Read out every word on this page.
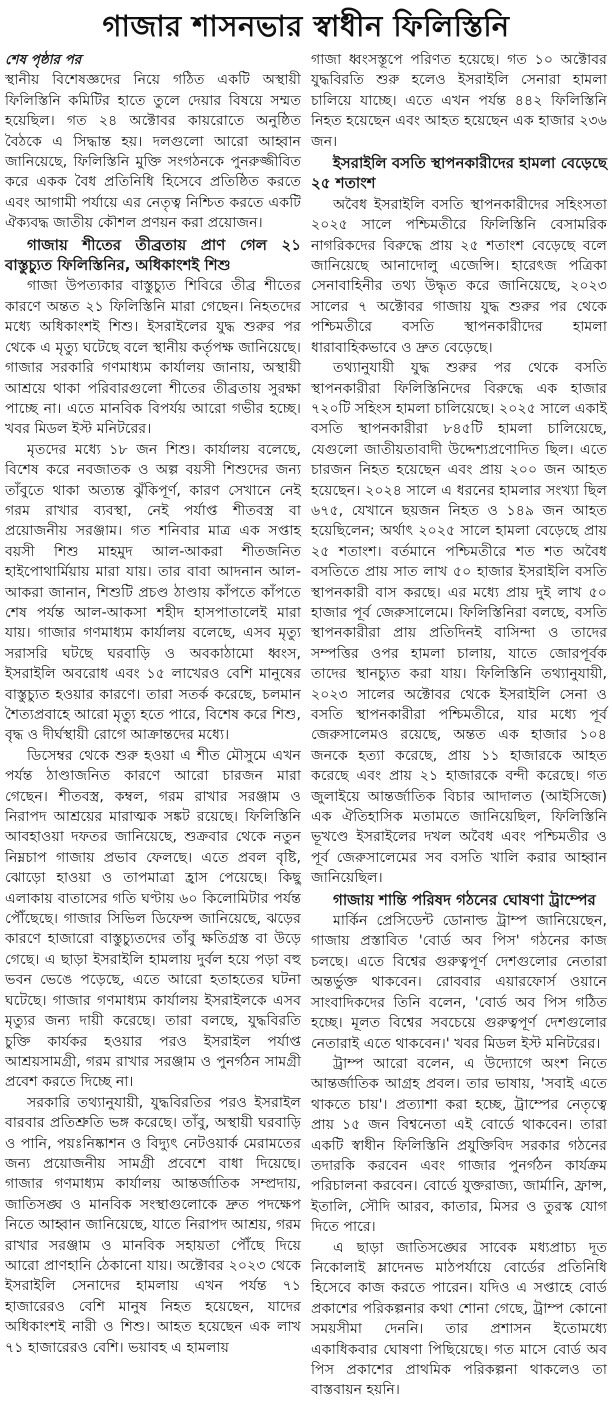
গাজার শাসনভার স্বাধীন ফিলিস্তিনি
শেষ পৃষ্ঠার পর

স্থানীয় বিশেষজ্ঞদের নিয়ে গঠিত একটি অস্থায়ী ফিলিস্তিনি কমিটির হাতে তুলে দেয়ার বিষয়ে সম্মত হয়েছিল। গত ২৪ অক্টোবর কায়রোতে অনুষ্ঠিত বৈঠকে এ সিদ্ধান্ত হয়। দলগুলো আরো আহ্বান জানিয়েছে, ফিলিস্তিনি মুক্তি সংগঠনকে পুনরুজ্জীবিত করে একক বৈধ প্রতিনিধি হিসেবে প্রতিষ্ঠিত করতে এবং আগামী পর্যায়ে এর নেতৃত্ব নিশ্চিত করতে একটি ঐক্যবদ্ধ জাতীয় কৌশল প্রণয়ন করা প্রয়োজন।

গাজায় শীতের তীব্রতায় প্রাণ গেল ২১ বাস্তুচ্যুত ফিলিস্তিনির, অধিকাংশই শিশু

গাজা উপত্যকার বাস্তুচ্যুত শিবিরে তীব্র শীতের কারণে অন্তত ২১ ফিলিস্তিনি মারা গেছেন। নিহতদের মধ্যে অধিকাংশই শিশু। ইসরাইলের যুদ্ধ শুরুর পর থেকে এ মৃত্যু ঘটেছে বলে স্থানীয় কর্তৃপক্ষ জানিয়েছে। গাজার সরকারি গণমাধ্যম কার্যালয় জানায়, অস্থায়ী আশ্রয়ে থাকা পরিবারগুলো শীতের তীব্রতায় সুরক্ষা পাচ্ছে না। এতে মানবিক বিপর্যয় আরো গভীর হচ্ছে। খবর মিডল ইস্ট মনিটরের।

মৃতদের মধ্যে ১৮ জন শিশু। কার্যালয় বলেছে, বিশেষ করে নবজাতক ও অল্প বয়সী শিশুদের জন্য তাঁবুতে থাকা অত্যন্ত ঝুঁকিপূর্ণ, কারণ সেখানে নেই গরম রাখার ব্যবস্থা, নেই পর্যাপ্ত শীতবস্ত্র বা প্রয়োজনীয় সরঞ্জাম। গত শনিবার মাত্র এক সপ্তাহ বয়সী শিশু মাহমুদ আল-আকরা শীতজনিত হাইপোথার্মিয়ায় মারা যায়। তার বাবা আদনান আল-আকরা জানান, শিশুটি প্রচণ্ড ঠাণ্ডায় কাঁপতে কাঁপতে শেষ পর্যন্ত আল-আকসা শহীদ হাসপাতালেই মারা যায়। গাজার গণমাধ্যম কার্যালয় বলেছে, এসব মৃত্যু সরাসরি ঘটছে ঘরবাড়ি ও অবকাঠামো ধ্বংস, ইসরাইলি অবরোধ এবং ১৫ লাখেরও বেশি মানুষের বাস্তুচ্যুত হওয়ার কারণে। তারা সতর্ক করেছে, চলমান শৈত্যপ্রবাহে আরো মৃত্যু হতে পারে, বিশেষ করে শিশু, বৃদ্ধ ও দীর্ঘস্থায়ী রোগে আক্রান্তদের মধ্যে।

ডিসেম্বর থেকে শুরু হওয়া এ শীত মৌসুমে এখন পর্যন্ত ঠাণ্ডাজনিত কারণে আরো চারজন মারা গেছেন। শীতবস্ত্র, কম্বল, গরম রাখার সরঞ্জাম ও নিরাপদ আশ্রয়ের মারাত্মক সঙ্কট রয়েছে। ফিলিস্তিনি আবহাওয়া দফতর জানিয়েছে, শুক্রবার থেকে নতুন নিম্নচাপ গাজায় প্রভাব ফেলছে। এতে প্রবল বৃষ্টি, ঝোড়ো হাওয়া ও তাপমাত্রা হ্রাস পেয়েছে। কিছু এলাকায় বাতাসের গতি ঘণ্টায় ৬০ কিলোমিটার পর্যন্ত পৌঁছেছে। গাজার সিভিল ডিফেন্স জানিয়েছে, ঝড়ের কারণে হাজারো বাস্তুচ্যুতদের তাঁবু ক্ষতিগ্রস্ত বা উড়ে গেছে। এ ছাড়া ইসরাইলি হামলায় দুর্বল হয়ে পড়া বহু ভবন ভেঙে পড়েছে, এতে আরো হতাহতের ঘটনা ঘটেছে। গাজার গণমাধ্যম কার্যালয় ইসরাইলকে এসব মৃত্যুর জন্য দায়ী করেছে। তারা বলছে, যুদ্ধবিরতি চুক্তি কার্যকর হওয়ার পরও ইসরাইল পর্যাপ্ত আশ্রয়সামগ্রী, গরম রাখার সরঞ্জাম ও পুনর্গঠন সামগ্রী প্রবেশ করতে দিচ্ছে না।

সরকারি তথ্যানুযায়ী, যুদ্ধবিরতির পরও ইসরাইল বারবার প্রতিশ্রুতি ভঙ্গ করেছে। তাঁবু, অস্থায়ী ঘরবাড়ি ও পানি, পয়ঃনিষ্কাশন ও বিদ্যুৎ নেটওয়ার্ক মেরামতের জন্য প্রয়োজনীয় সামগ্রী প্রবেশে বাধা দিয়েছে। গাজার গণমাধ্যম কার্যালয় আন্তর্জাতিক সম্প্রদায়, জাতিসঙ্ঘ ও মানবিক সংস্থাগুলোকে দ্রুত পদক্ষেপ নিতে আহ্বান জানিয়েছে, যাতে নিরাপদ আশ্রয়, গরম রাখার সরঞ্জাম ও মানবিক সহায়তা পৌঁছে দিয়ে আরো প্রাণহানি ঠেকানো যায়। অক্টোবর ২০২৩ থেকে ইসরাইলি সেনাদের হামলায় এখন পর্যন্ত ৭১ হাজারেরও বেশি মানুষ নিহত হয়েছেন, যাদের অধিকাংশই নারী ও শিশু। আহত হয়েছেন এক লাখ ৭১ হাজারেরও বেশি। ভয়াবহ এ হামলায়

গাজা ধ্বংসস্তূপে পরিণত হয়েছে। গত ১০ অক্টোবর যুদ্ধবিরতি শুরু হলেও ইসরাইলি সেনারা হামলা চালিয়ে যাচ্ছে। এতে এখন পর্যন্ত ৪৪২ ফিলিস্তিনি নিহত হয়েছেন এবং আহত হয়েছেন এক হাজার ২৩৬ জন।

ইসরাইলি বসতি স্থাপনকারীদের হামলা বেড়েছে ২৫ শতাংশ

অবৈধ ইসরাইলি বসতি স্থাপনকারীদের সহিংসতা ২০২৫ সালে পশ্চিমতীরে ফিলিস্তিনি বেসামরিক নাগরিকদের বিরুদ্ধে প্রায় ২৫ শতাংশ বেড়েছে বলে জানিয়েছে আনাদোলু এজেন্সি। হারেৎজ পত্রিকা সেনাবাহিনীর তথ্য উদ্ধৃত করে জানিয়েছে, ২০২৩ সালের ৭ অক্টোবর গাজায় যুদ্ধ শুরুর পর থেকে পশ্চিমতীরে বসতি স্থাপনকারীদের হামলা ধারাবাহিকভাবে ও দ্রুত বেড়েছে।

তথ্যানুযায়ী যুদ্ধ শুরুর পর থেকে বসতি স্থাপনকারীরা ফিলিস্তিনিদের বিরুদ্ধে এক হাজার ৭২০টি সহিংস হামলা চালিয়েছে। ২০২৫ সালে একাই বসতি স্থাপনকারীরা ৮৪৫টি হামলা চালিয়েছে, যেগুলো জাতীয়তাবাদী উদ্দেশ্যপ্রণোদিত ছিল। এতে চারজন নিহত হয়েছেন এবং প্রায় ২০০ জন আহত হয়েছেন। ২০২৪ সালে এ ধরনের হামলার সংখ্যা ছিল ৬৭৫, যেখানে ছয়জন নিহত ও ১৪৯ জন আহত হয়েছিলেন; অর্থাৎ ২০২৫ সালে হামলা বেড়েছে প্রায় ২৫ শতাংশ। বর্তমানে পশ্চিমতীরে শত শত অবৈধ বসতিতে প্রায় সাত লাখ ৫০ হাজার ইসরাইলি বসতি স্থাপনকারী বাস করছে। এর মধ্যে প্রায় দুই লাখ ৫০ হাজার পূর্ব জেরুসালেমে। ফিলিস্তিনিরা বলছে, বসতি স্থাপনকারীরা প্রায় প্রতিদিনই বাসিন্দা ও তাদের সম্পত্তির ওপর হামলা চালায়, যাতে জোরপূর্বক তাদের স্থানচ্যুত করা যায়। ফিলিস্তিনি তথ্যানুযায়ী, ২০২৩ সালের অক্টোবর থেকে ইসরাইলি সেনা ও বসতি স্থাপনকারীরা পশ্চিমতীরে, যার মধ্যে পূর্ব জেরুসালেমও রয়েছে, অন্তত এক হাজার ১০৪ জনকে হত্যা করেছে, প্রায় ১১ হাজারকে আহত করেছে এবং প্রায় ২১ হাজারকে বন্দী করেছে। গত জুলাইয়ে আন্তর্জাতিক বিচার আদালত (আইসিজে) এক ঐতিহাসিক মতামতে জানিয়েছিল, ফিলিস্তিনি ভূখণ্ডে ইসরাইলের দখল অবৈধ এবং পশ্চিমতীর ও পূর্ব জেরুসালেমের সব বসতি খালি করার আহ্বান জানিয়েছিল।

গাজায় শান্তি পরিষদ গঠনের ঘোষণা ট্রাম্পের

মার্কিন প্রেসিডেন্ট ডোনাল্ড ট্রাম্প জানিয়েছেন, গাজায় প্রস্তাবিত 'বোর্ড অব পিস' গঠনের কাজ চলছে। এতে বিশ্বের গুরুত্বপূর্ণ দেশগুলোর নেতারা অন্তর্ভুক্ত থাকবেন। রোববার এয়ারফোর্স ওয়ানে সাংবাদিকদের তিনি বলেন, 'বোর্ড অব পিস গঠিত হচ্ছে। মূলত বিশ্বের সবচেয়ে গুরুত্বপূর্ণ দেশগুলোর নেতারাই এতে থাকবেন।' খবর মিডল ইস্ট মনিটরের।

ট্রাম্প আরো বলেন, এ উদ্যোগে অংশ নিতে আন্তর্জাতিক আগ্রহ প্রবল। তার ভাষায়, 'সবাই এতে থাকতে চায়'। প্রত্যাশা করা হচ্ছে, ট্রাম্পের নেতৃত্বে প্রায় ১৫ জন বিশ্বনেতা এই বোর্ডে থাকবেন। তারা একটি স্বাধীন ফিলিস্তিনি প্রযুক্তিবিদ সরকার গঠনের তদারকি করবেন এবং গাজার পুনর্গঠন কার্যক্রম পরিচালনা করবেন। বোর্ডে যুক্তরাজ্য, জার্মানি, ফ্রান্স, ইতালি, সৌদি আরব, কাতার, মিসর ও তুরস্ক যোগ দিতে পারে।

এ ছাড়া জাতিসঙ্ঘের সাবেক মধ্যপ্রাচ্য দূত নিকোলাই ম্লাদেনভ মাঠপর্যায়ে বোর্ডের প্রতিনিধি হিসেবে কাজ করতে পারেন। যদিও এ সপ্তাহে বোর্ড প্রকাশের পরিকল্পনার কথা শোনা গেছে, ট্রাম্প কোনো সময়সীমা দেননি। তার প্রশাসন ইতোমধ্যে একাধিকবার ঘোষণা পিছিয়েছে। গত মাসে বোর্ড অব পিস প্রকাশের প্রাথমিক পরিকল্পনা থাকলেও তা বাস্তবায়ন হয়নি।
